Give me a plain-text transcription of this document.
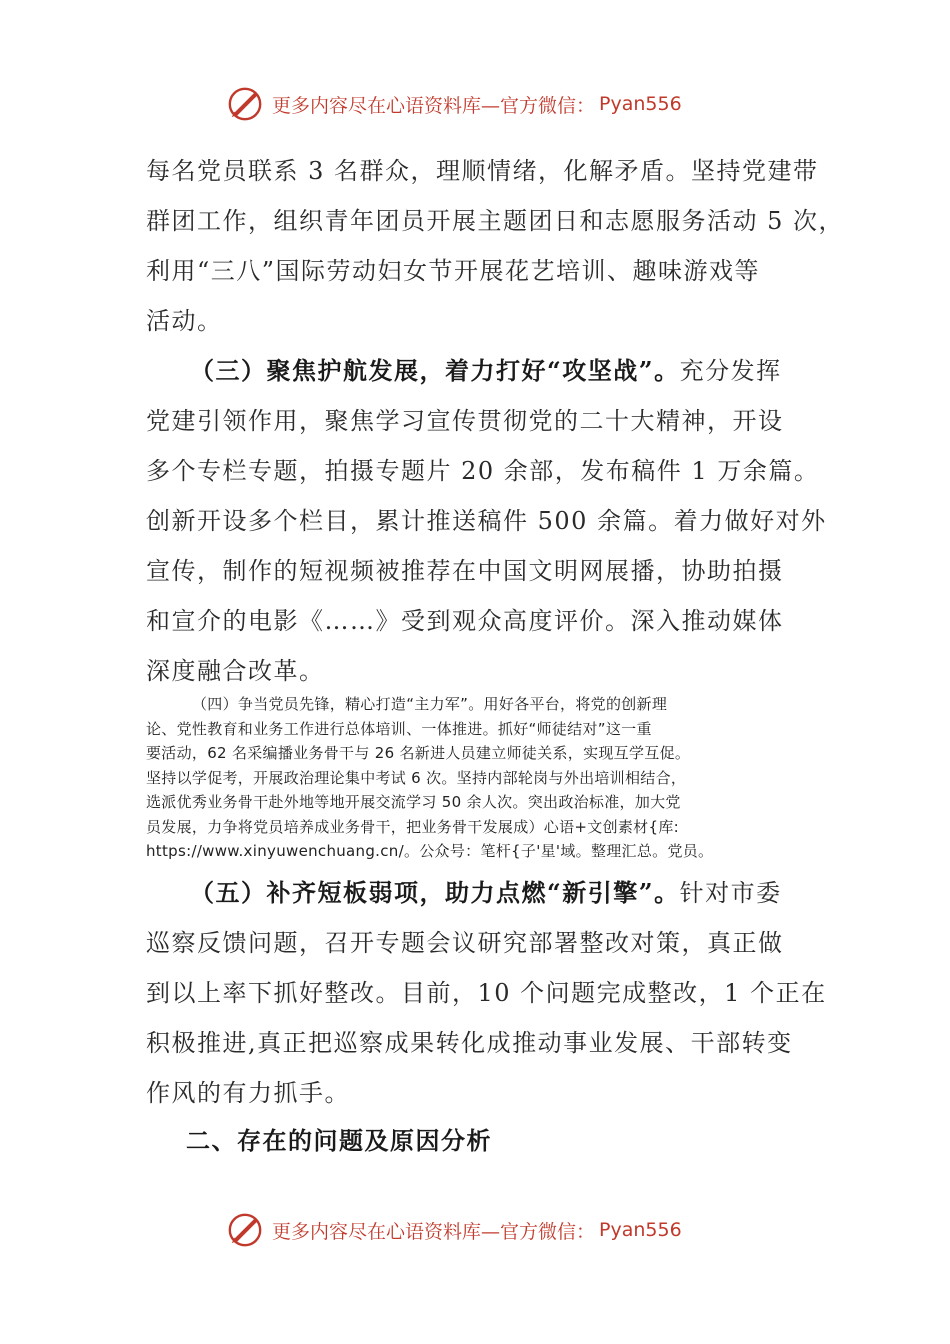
更多内容尽在心语资料库—官方微信： Pyan556
每名党员联系 3 名群众，理顺情绪，化解矛盾。坚持党建带
群团工作，组织青年团员开展主题团日和志愿服务活动 5 次，
利用“三八”国际劳动妇女节开展花艺培训、趣味游戏等
活动。
（三）聚焦护航发展，着力打好“攻坚战”。充分发挥
党建引领作用，聚焦学习宣传贯彻党的二十大精神，开设
多个专栏专题，拍摄专题片 20 余部，发布稿件 1 万余篇。
创新开设多个栏目，累计推送稿件 500 余篇。着力做好对外
宣传，制作的短视频被推荐在中国文明网展播，协助拍摄
和宣介的电影《……》受到观众高度评价。深入推动媒体
深度融合改革。
（四）争当党员先锋，精心打造“主力军”。用好各平台，将党的创新理
论、党性教育和业务工作进行总体培训、一体推进。抓好“师徒结对”这一重
要活动，62 名采编播业务骨干与 26 名新进人员建立师徒关系，实现互学互促。
坚持以学促考，开展政治理论集中考试 6 次。坚持内部轮岗与外出培训相结合，
选派优秀业务骨干赴外地等地开展交流学习 50 余人次。突出政治标准，加大党
员发展，力争将党员培养成业务骨干，把业务骨干发展成）心语+文创素材{库:
https://www.xinyuwenchuang.cn/。公众号：笔杆{子'星'域。整理汇总。党员。
（五）补齐短板弱项，助力点燃“新引擎”。针对市委
巡察反馈问题，召开专题会议研究部署整改对策，真正做
到以上率下抓好整改。目前，10 个问题完成整改，1 个正在
积极推进,真正把巡察成果转化成推动事业发展、干部转变
作风的有力抓手。
二、存在的问题及原因分析
更多内容尽在心语资料库—官方微信： Pyan556
